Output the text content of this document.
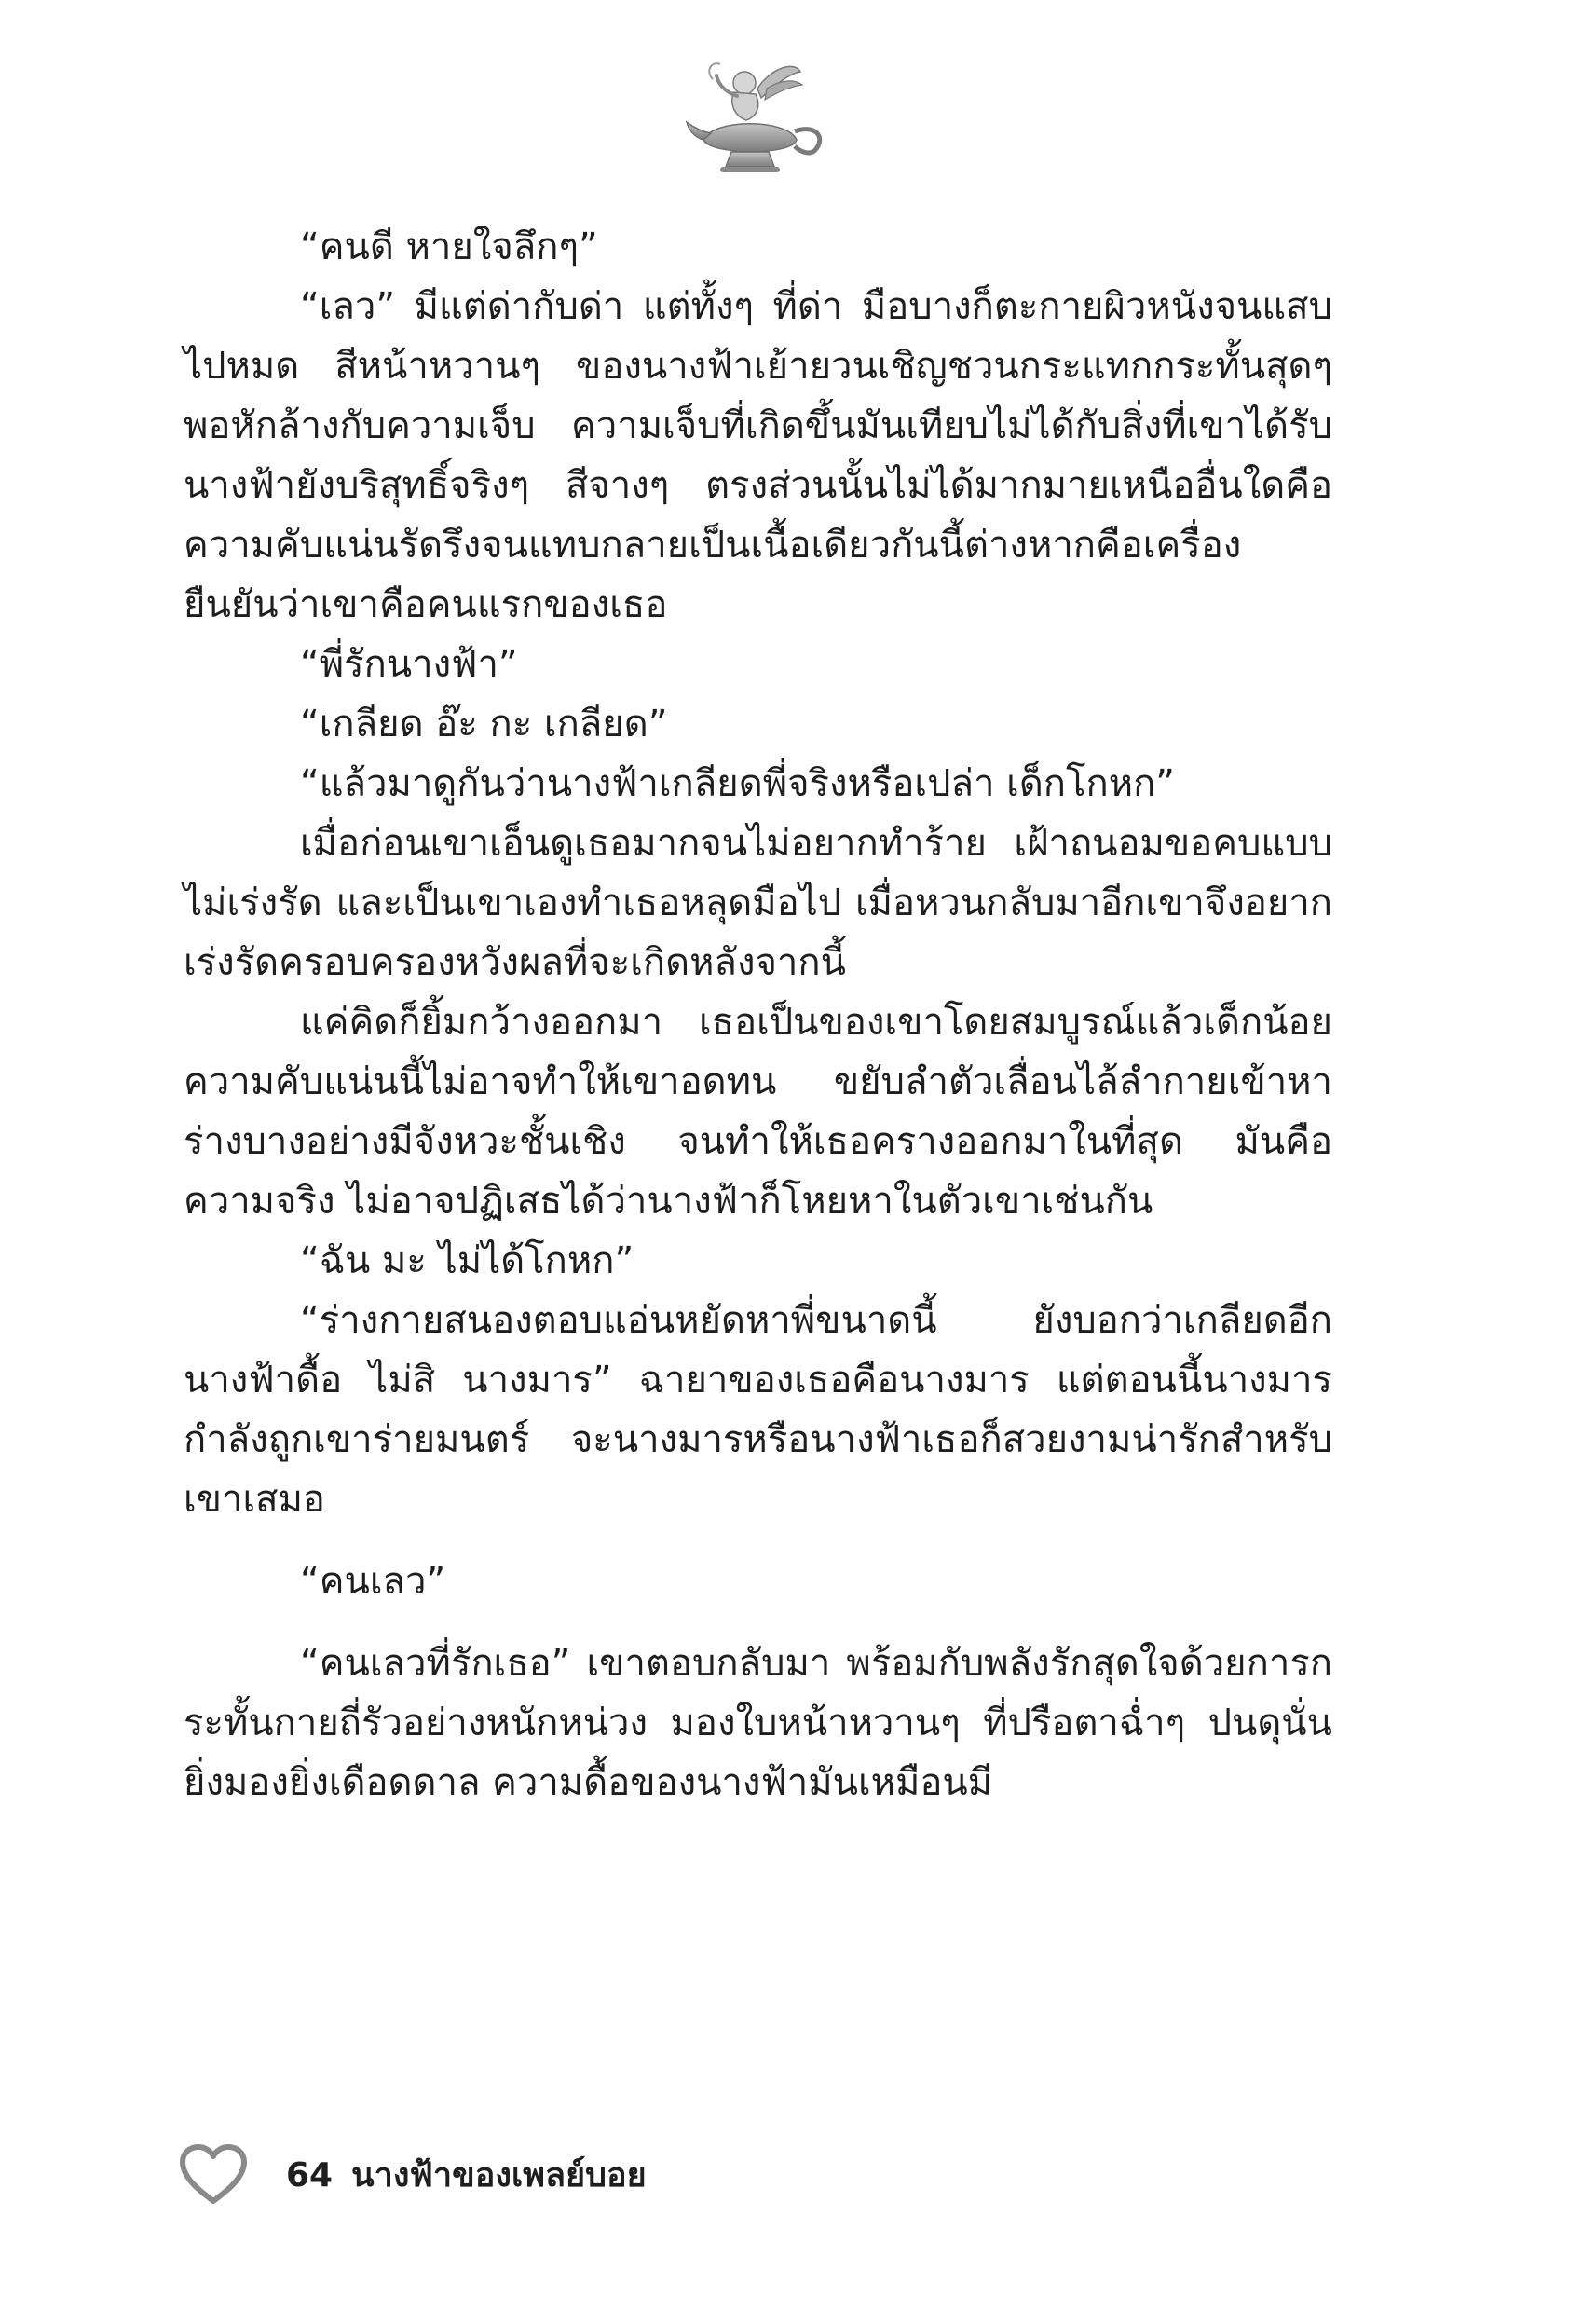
“คนดี หายใจลึกๆ”

“เลว” มีแต่ด่ากับด่า แต่ทั้งๆ ที่ด่า มือบางก็ตะกายผิวหนังจนแสบไปหมด สีหน้าหวานๆ ของนางฟ้าเย้ายวนเชิญชวนกระแทกกระทั้นสุดๆ พอหักล้างกับความเจ็บ ความเจ็บที่เกิดขึ้นมันเทียบไม่ได้กับสิ่งที่เขาได้รับ นางฟ้ายังบริสุทธิ์จริงๆ สีจางๆ ตรงส่วนนั้นไม่ได้มากมายเหนืออื่นใดคือความคับแน่นรัดรึงจนแทบกลายเป็นเนื้อเดียวกันนี้ต่างหากคือเครื่องยืนยันว่าเขาคือคนแรกของเธอ

“พี่รักนางฟ้า”

“เกลียด อ๊ะ กะ เกลียด”

“แล้วมาดูกันว่านางฟ้าเกลียดพี่จริงหรือเปล่า เด็กโกหก”

เมื่อก่อนเขาเอ็นดูเธอมากจนไม่อยากทำร้าย เฝ้าถนอมขอคบแบบไม่เร่งรัด และเป็นเขาเองทำเธอหลุดมือไป เมื่อหวนกลับมาอีกเขาจึงอยากเร่งรัดครอบครองหวังผลที่จะเกิดหลังจากนี้

แค่คิดก็ยิ้มกว้างออกมา เธอเป็นของเขาโดยสมบูรณ์แล้วเด็กน้อยความคับแน่นนี้ไม่อาจทำให้เขาอดทน ขยับลำตัวเลื่อนไล้ลำกายเข้าหาร่างบางอย่างมีจังหวะชั้นเชิง จนทำให้เธอครางออกมาในที่สุด มันคือความจริง ไม่อาจปฏิเสธได้ว่านางฟ้าก็โหยหาในตัวเขาเช่นกัน

“ฉัน มะ ไม่ได้โกหก”

“ร่างกายสนองตอบแอ่นหยัดหาพี่ขนาดนี้ ยังบอกว่าเกลียดอีกนางฟ้าดื้อ ไม่สิ นางมาร” ฉายาของเธอคือนางมาร แต่ตอนนี้นางมารกำลังถูกเขาร่ายมนตร์ จะนางมารหรือนางฟ้าเธอก็สวยงามน่ารักสำหรับเขาเสมอ

“คนเลว”

“คนเลวที่รักเธอ” เขาตอบกลับมา พร้อมกับพลังรักสุดใจด้วยการกระทั้นกายถี่รัวอย่างหนักหน่วง มองใบหน้าหวานๆ ที่ปรือตาฉ่ำๆ ปนดุนั่น ยิ่งมองยิ่งเดือดดาล ความดื้อของนางฟ้ามันเหมือนมี

64 นางฟ้าของเพลย์บอย
